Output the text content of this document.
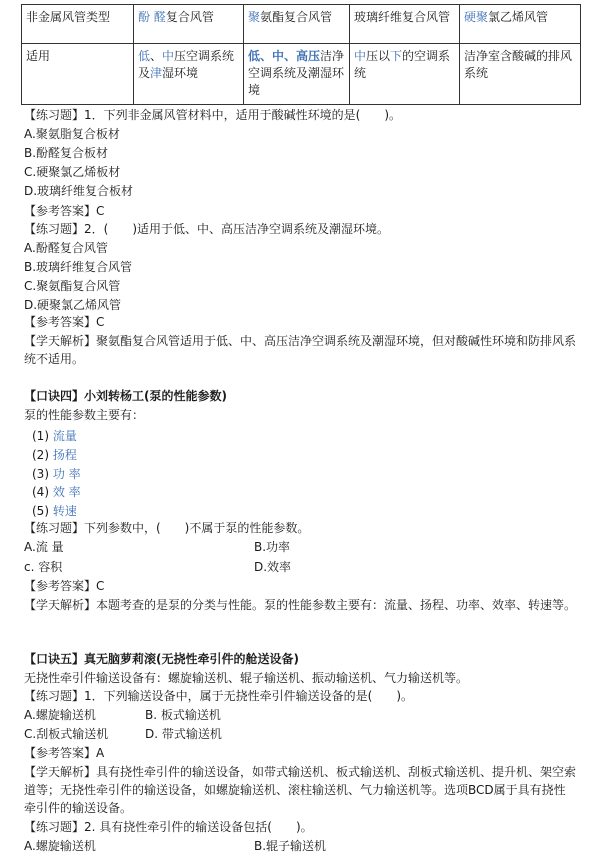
非金属风管类型	酚 醛复合风管	聚氨酯复合风管	玻璃纤维复合风管	硬聚氯乙烯风管
适用	低、中压空调系统及津湿环境	低、中、高压洁净空调系统及潮湿环境	中压以下的空调系统	洁净室含酸碱的排风系统
【练习题】1．下列非金属风管材料中，适用于酸碱性环境的是(　　)。
A.聚氨脂复合板材
B.酚醛复合板材
C.硬聚氯乙烯板材
D.玻璃纤维复合板材
【参考答案】C
【练习题】2．(　　)适用于低、中、高压洁净空调系统及潮湿环境。
A.酚醛复合风管
B.玻璃纤维复合风管
C.聚氨酯复合风管
D.硬聚氯乙烯风管
【参考答案】C
【学天解析】聚氨酯复合风管适用于低、中、高压洁净空调系统及潮湿环境，但对酸碱性环境和防排风系统不适用。
【口诀四】小刘转杨工(泵的性能参数)
泵的性能参数主要有：
(1) 流量
(2) 扬程
(3) 功 率
(4) 效 率
(5) 转速
【练习题】下列参数中，(　　)不属于泵的性能参数。
A.流 量	B.功率
c. 容积	D.效率
【参考答案】C
【学天解析】本题考查的是泵的分类与性能。泵的性能参数主要有：流量、扬程、功率、效率、转速等。
【口诀五】真无脑萝莉滚(无挠性牵引件的舱送设备)
无挠性牵引件输送设备有：螺旋输送机、辊子输送机、振动输送机、气力输送机等。
【练习题】1．下列输送设备中，属于无挠性牵引件输送设备的是(　　)。
A.螺旋输送机	B. 板式输送机
C.刮板式输送机	D. 带式输送机
【参考答案】A
【学天解析】具有挠性牵引件的输送设备，如带式输送机、板式输送机、刮板式输送机、提升机、架空索道等；无挠性牵引件的输送设备，如螺旋输送机、滚柱输送机、气力输送机等。选项BCD属于具有挠性牵引件的输送设备。
【练习题】2. 具有挠性牵引件的输送设备包括(　　)。
A.螺旋输送机	B.辊子输送机
